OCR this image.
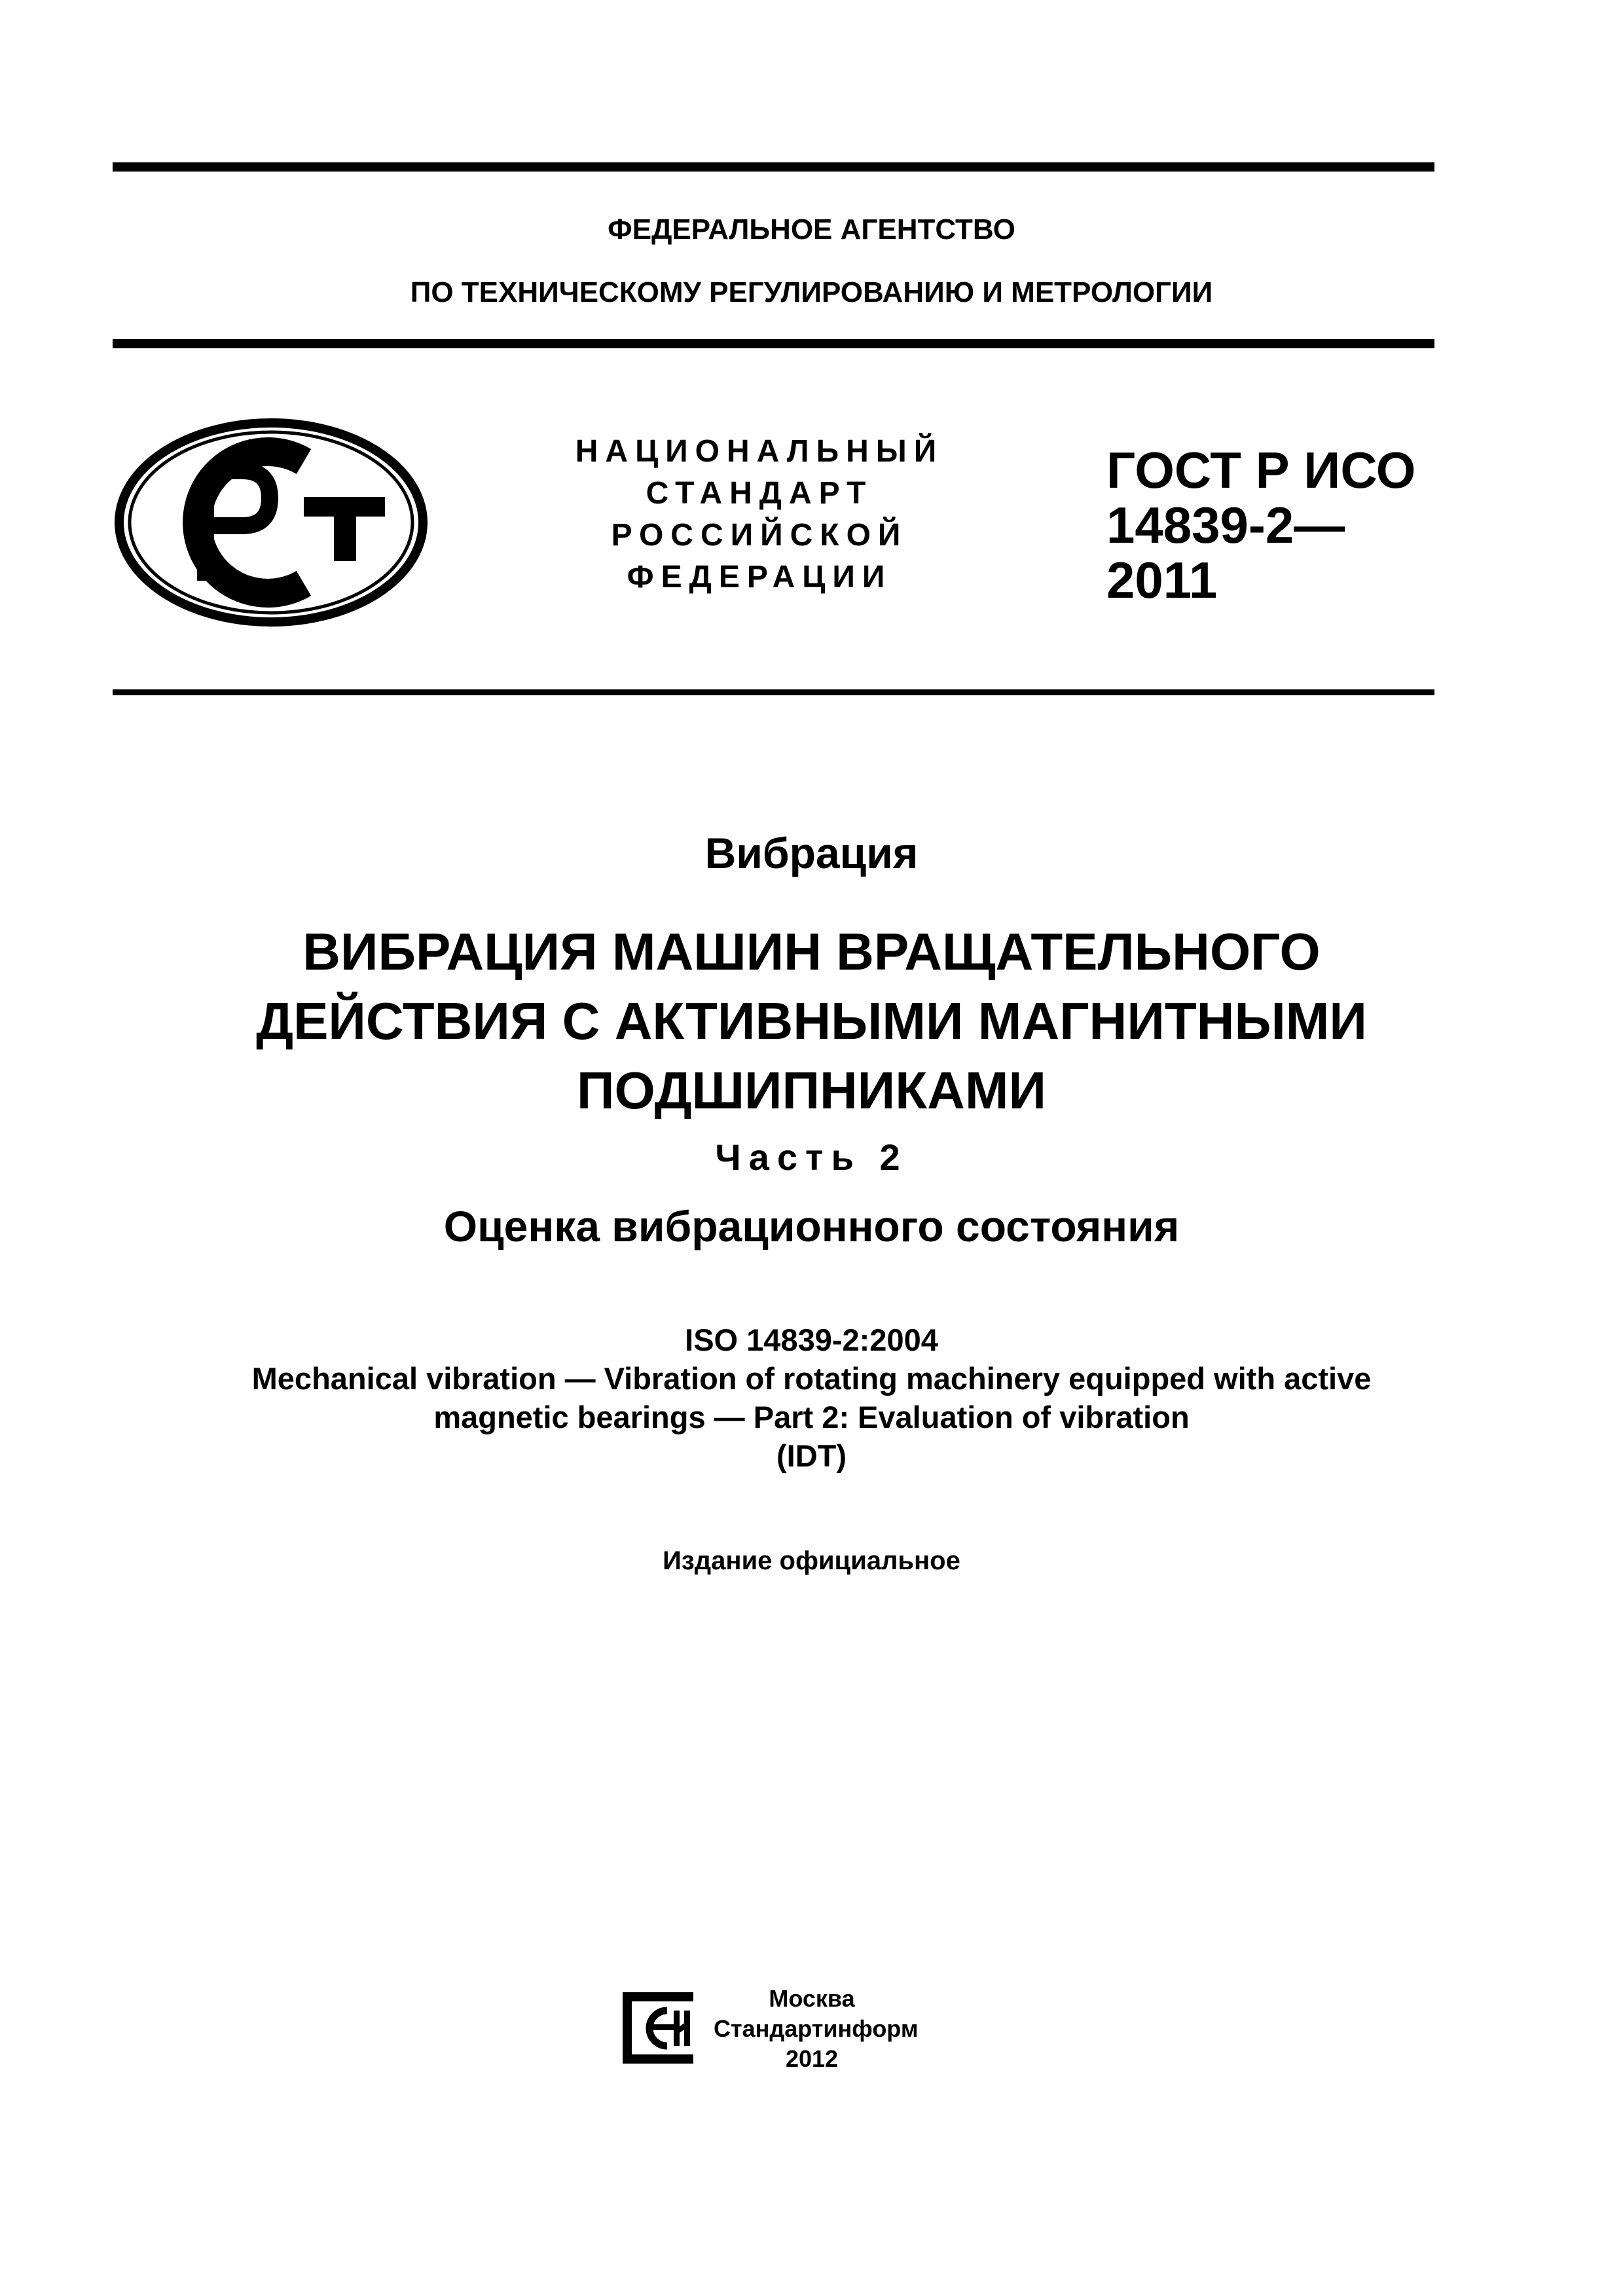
ФЕДЕРАЛЬНОЕ АГЕНТСТВО
ПО ТЕХНИЧЕСКОМУ РЕГУЛИРОВАНИЮ И МЕТРОЛОГИИ
НАЦИОНАЛЬНЫЙ
СТАНДАРТ
РОССИЙСКОЙ
ФЕДЕРАЦИИ
ГОСТ Р ИСО
14839-2—
2011
Вибрация
ВИБРАЦИЯ МАШИН ВРАЩАТЕЛЬНОГО
ДЕЙСТВИЯ С АКТИВНЫМИ МАГНИТНЫМИ
ПОДШИПНИКАМИ
Часть 2
Оценка вибрационного состояния
ISO 14839-2:2004
Mechanical vibration — Vibration of rotating machinery equipped with active
magnetic bearings — Part 2: Evaluation of vibration
(IDT)
Издание официальное
Москва
Стандартинформ
2012
